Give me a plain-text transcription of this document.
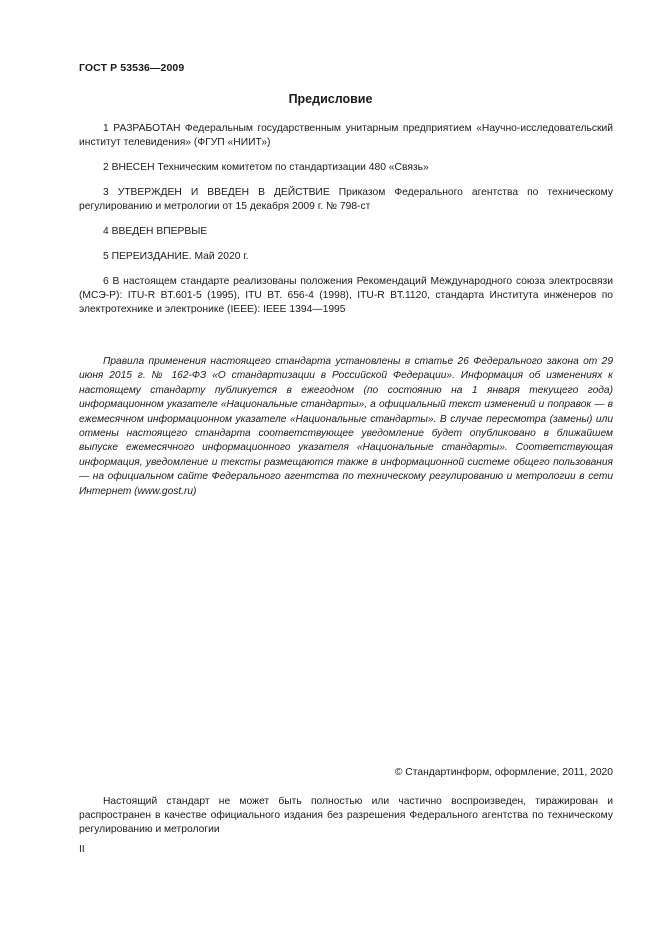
ГОСТ Р 53536—2009
Предисловие

1 РАЗРАБОТАН Федеральным государственным унитарным предприятием «Научно-исследовательский институт телевидения» (ФГУП «НИИТ»)

2 ВНЕСЕН Техническим комитетом по стандартизации 480 «Связь»

3 УТВЕРЖДЕН И ВВЕДЕН В ДЕЙСТВИЕ Приказом Федерального агентства по техническому регулированию и метрологии от 15 декабря 2009 г. № 798-ст

4 ВВЕДЕН ВПЕРВЫЕ

5 ПЕРЕИЗДАНИЕ. Май 2020 г.

6 В настоящем стандарте реализованы положения Рекомендаций Международного союза электросвязи (МСЭ-Р): ITU-R BT.601-5 (1995), ITU BT. 656-4 (1998), ITU-R BT.1120, стандарта Института инженеров по электротехнике и электронике (IEEE): IEEE 1394—1995

Правила применения настоящего стандарта установлены в статье 26 Федерального закона от 29 июня 2015 г. № 162-ФЗ «О стандартизации в Российской Федерации». Информация об изменениях к настоящему стандарту публикуется в ежегодном (по состоянию на 1 января текущего года) информационном указателе «Национальные стандарты», а официальный текст изменений и поправок — в ежемесячном информационном указателе «Национальные стандарты». В случае пересмотра (замены) или отмены настоящего стандарта соответствующее уведомление будет опубликовано в ближайшем выпуске ежемесячного информационного указателя «Национальные стандарты». Соответствующая информация, уведомление и тексты размещаются также в информационной системе общего пользования — на официальном сайте Федерального агентства по техническому регулированию и метрологии в сети Интернет (www.gost.ru)

© Стандартинформ, оформление, 2011, 2020

Настоящий стандарт не может быть полностью или частично воспроизведен, тиражирован и распространен в качестве официального издания без разрешения Федерального агентства по техническому регулированию и метрологии

II
